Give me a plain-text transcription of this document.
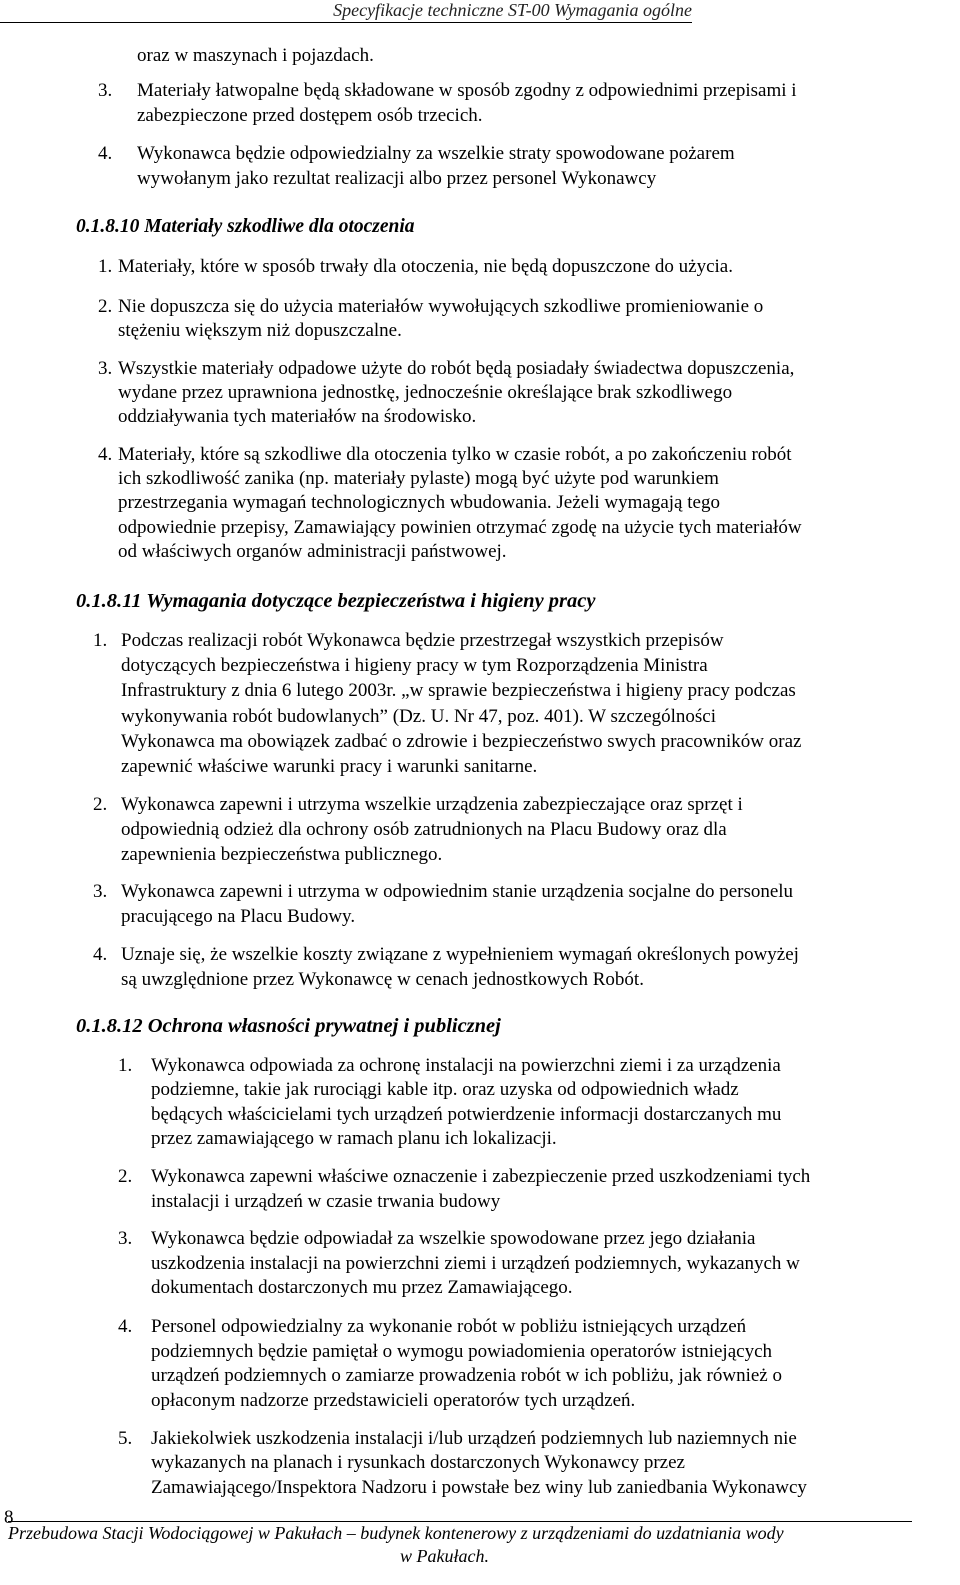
Specyfikacje techniczne ST-00 Wymagania ogólne
oraz w maszynach i pojazdach.
3. Materiały łatwopalne będą składowane w sposób zgodny z odpowiednimi przepisami i
zabezpieczone przed dostępem osób trzecich.
4. Wykonawca będzie odpowiedzialny za wszelkie straty spowodowane pożarem
wywołanym jako rezultat realizacji albo przez personel Wykonawcy
0.1.8.10 Materiały szkodliwe dla otoczenia
1. Materiały, które w sposób trwały dla otoczenia, nie będą dopuszczone do użycia.
2. Nie dopuszcza się do użycia materiałów wywołujących szkodliwe promieniowanie o
stężeniu większym niż dopuszczalne.
3. Wszystkie materiały odpadowe użyte do robót będą posiadały świadectwa dopuszczenia,
wydane przez uprawniona jednostkę, jednocześnie określające brak szkodliwego
oddziaływania tych materiałów na środowisko.
4. Materiały, które są szkodliwe dla otoczenia tylko w czasie robót, a po zakończeniu robót
ich szkodliwość zanika (np. materiały pylaste) mogą być użyte pod warunkiem
przestrzegania wymagań technologicznych wbudowania. Jeżeli wymagają tego
odpowiednie przepisy, Zamawiający powinien otrzymać zgodę na użycie tych materiałów
od właściwych organów administracji państwowej.
0.1.8.11 Wymagania dotyczące bezpieczeństwa i higieny pracy
1. Podczas realizacji robót Wykonawca będzie przestrzegał wszystkich przepisów
dotyczących bezpieczeństwa i higieny pracy w tym Rozporządzenia Ministra
Infrastruktury z dnia 6 lutego 2003r. „w sprawie bezpieczeństwa i higieny pracy podczas
wykonywania robót budowlanych” (Dz. U. Nr 47, poz. 401). W szczególności
Wykonawca ma obowiązek zadbać o zdrowie i bezpieczeństwo swych pracowników oraz
zapewnić właściwe warunki pracy i warunki sanitarne.
2. Wykonawca zapewni i utrzyma wszelkie urządzenia zabezpieczające oraz sprzęt i
odpowiednią odzież dla ochrony osób zatrudnionych na Placu Budowy oraz dla
zapewnienia bezpieczeństwa publicznego.
3. Wykonawca zapewni i utrzyma w odpowiednim stanie urządzenia socjalne do personelu
pracującego na Placu Budowy.
4. Uznaje się, że wszelkie koszty związane z wypełnieniem wymagań określonych powyżej
są uwzględnione przez Wykonawcę w cenach jednostkowych Robót.
0.1.8.12 Ochrona własności prywatnej i publicznej
1. Wykonawca odpowiada za ochronę instalacji na powierzchni ziemi i za urządzenia
podziemne, takie jak rurociągi kable itp. oraz uzyska od odpowiednich władz
będących właścicielami tych urządzeń potwierdzenie informacji dostarczanych mu
przez zamawiającego w ramach planu ich lokalizacji.
2. Wykonawca zapewni właściwe oznaczenie i zabezpieczenie przed uszkodzeniami tych
instalacji i urządzeń w czasie trwania budowy
3. Wykonawca będzie odpowiadał za wszelkie spowodowane przez jego działania
uszkodzenia instalacji na powierzchni ziemi i urządzeń podziemnych, wykazanych w
dokumentach dostarczonych mu przez Zamawiającego.
4. Personel odpowiedzialny za wykonanie robót w pobliżu istniejących urządzeń
podziemnych będzie pamiętał o wymogu powiadomienia operatorów istniejących
urządzeń podziemnych o zamiarze prowadzenia robót w ich pobliżu, jak również o
opłaconym nadzorze przedstawicieli operatorów tych urządzeń.
5. Jakiekolwiek uszkodzenia instalacji i/lub urządzeń podziemnych lub naziemnych nie
wykazanych na planach i rysunkach dostarczonych Wykonawcy przez
Zamawiającego/Inspektora Nadzoru i powstałe bez winy lub zaniedbania Wykonawcy
8
Przebudowa Stacji Wodociągowej w Pakułach – budynek kontenerowy z urządzeniami do uzdatniania wody
w Pakułach.
